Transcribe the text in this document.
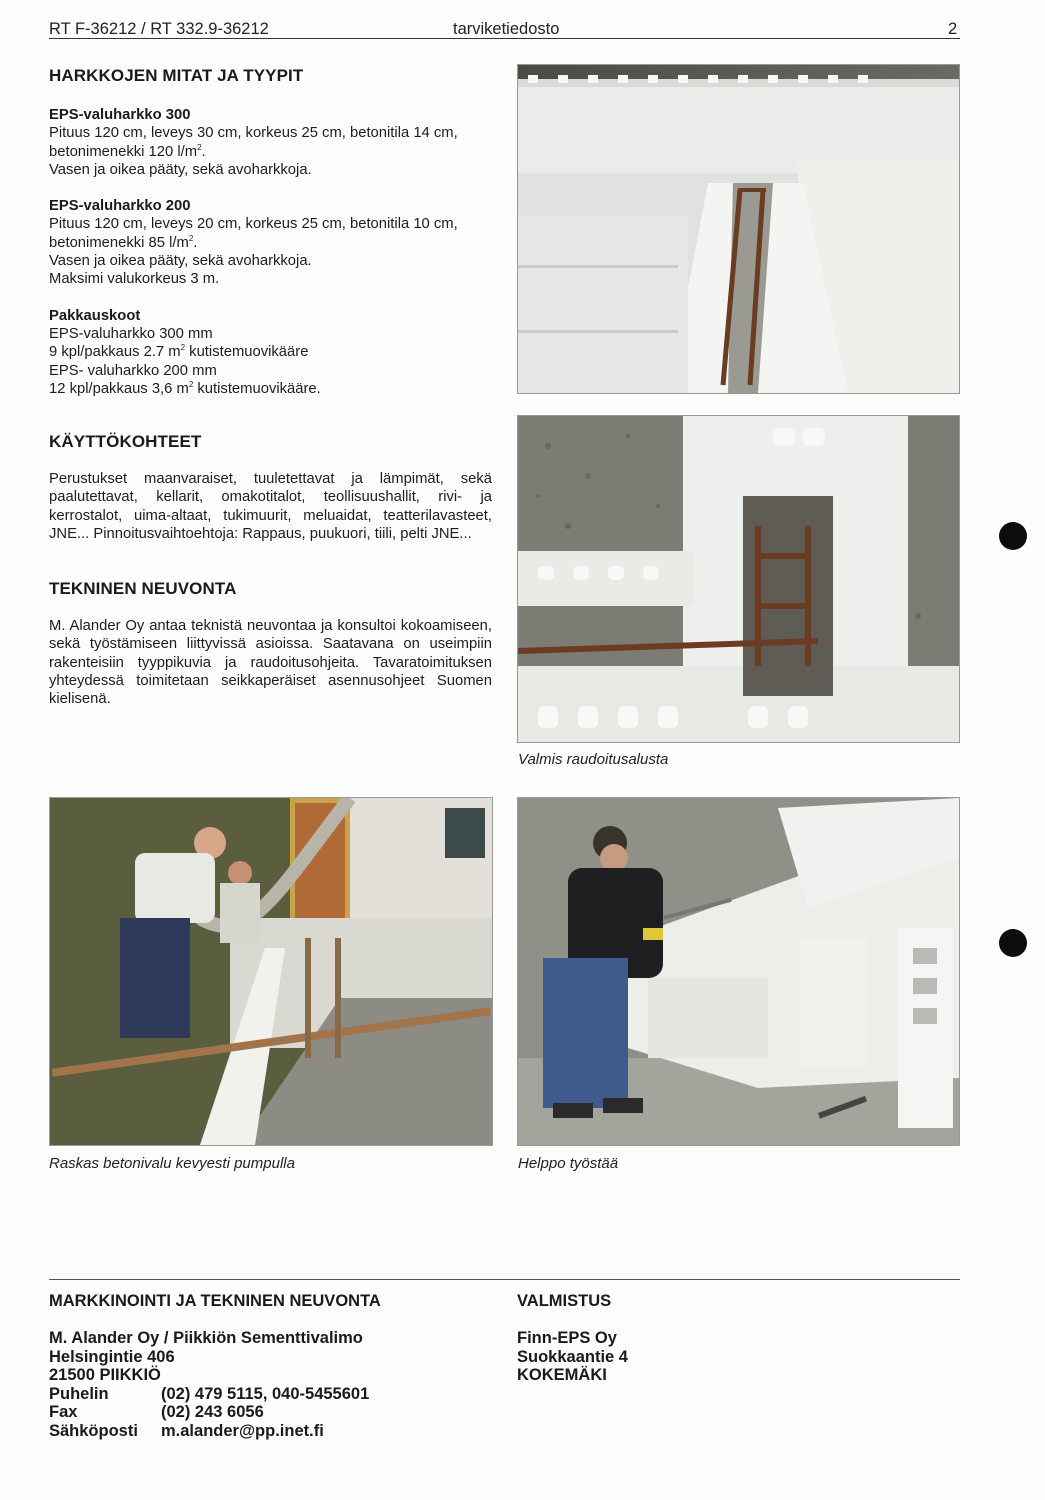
RT F-36212 / RT 332.9-36212	tarviketiedosto	2
HARKKOJEN MITAT JA TYYPIT
EPS-valuharkko 300

Pituus 120 cm, leveys 30 cm, korkeus 25 cm, betonitila 14 cm,

betonimenekki 120 $l/m^2$.

Vasen ja oikea pääty, sekä avoharkkoja.

EPS-valuharkko 200

Pituus 120 cm, leveys 20 cm, korkeus 25 cm, betonitila 10 cm,

betonimenekki 85 $l/m^2$.

Vasen ja oikea pääty, sekä avoharkkoja.

Maksimi valukorkeus 3 m.

Pakkauskoot

EPS-valuharkko 300 mm

9 kpl/pakkaus 2.7 $m^2$ kutistemuovikääre

EPS- valuharkko 200 mm

12 kpl/pakkaus 3,6 $m^2$ kutistemuovikääre.

KÄYTTÖKOHTEET

Perustukset maanvaraiset, tuuletettavat ja lämpimät, sekä paalutettavat, kellarit, omakotitalot, teollisuushallit, rivi- ja kerrostalot, uima-altaat, tukimuurit, meluaidat, teatterilavasteet, JNE... Pinnoitusvaihtoehtoja: Rappaus, puukuori, tiili, pelti JNE...

TEKNINEN NEUVONTA

M. Alander Oy antaa teknistä neuvontaa ja konsultoi kokoamiseen, sekä työstämiseen liittyvissä asioissa. Saatavana on useimpiin rakenteisiin tyyppikuvia ja raudoitusohjeita. Tavaratoimituksen yhteydessä toimitetaan seikkaperäiset asennusohjeet Suomen kielisenä.

Valmis raudoitusalusta
Raskas betonivalu kevyesti pumpulla	Helppo työstää
MARKKINOINTI JA TEKNINEN NEUVONTA
M. Alander Oy / Piikkiön Sementtivalimo
Helsingintie 406
21500 PIIKKIÖ
Puhelin	(02) 479 5115, 040-5455601
Fax	(02) 243 6056
Sähköposti m.alander@pp.inet.fi
VALMISTUS
Finn-EPS Oy
Suokkaantie 4
KOKEMÄKI
